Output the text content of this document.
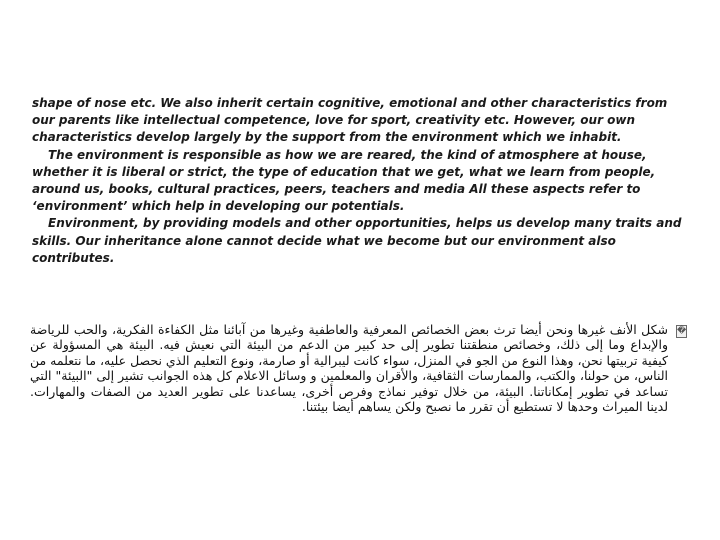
shape of nose etc. We also inherit certain cognitive, emotional and other characteristics from our parents like intellectual competence, love for sport, creativity etc. However, our own characteristics develop largely by the support from the environment which we inhabit.

The environment is responsible as how we are reared, the kind of atmosphere at house, whether it is liberal or strict, the type of education that we get, what we learn from people, around us, books, cultural practices, peers, teachers and media All these aspects refer to ‘environment’ which help in developing our potentials.

Environment, by providing models and other opportunities, helps us develop many traits and skills. Our inheritance alone cannot decide what we become but our environment also contributes.

�

شكل الأنف غيرها ونحن أيضا ترث بعض الخصائص المعرفية والعاطفية وغيرها من آبائنا مثل الكفاءة الفكرية، والحب للرياضة والإبداع وما إلى ذلك، وخصائص منطقتنا تطوير إلى حد كبير من الدعم من البيئة التي نعيش فيه. البيئة هي المسؤولة عن كيفية تربيتها نحن، وهذا النوع من الجو في المنزل، سواء كانت ليبرالية أو صارمة، ونوع التعليم الذي نحصل عليه، ما نتعلمه من الناس، من حولنا، والكتب، والممارسات الثقافية، والأقران والمعلمين و وسائل الاعلام كل هذه الجوانب تشير إلى "البيئة" التي تساعد في تطوير إمكاناتنا. البيئة، من خلال توفير نماذج وفرص أخرى، يساعدنا على تطوير العديد من الصفات والمهارات. لدينا الميراث وحدها لا تستطيع أن تقرر ما نصبح ولكن يساهم أيضا بيئتنا.
